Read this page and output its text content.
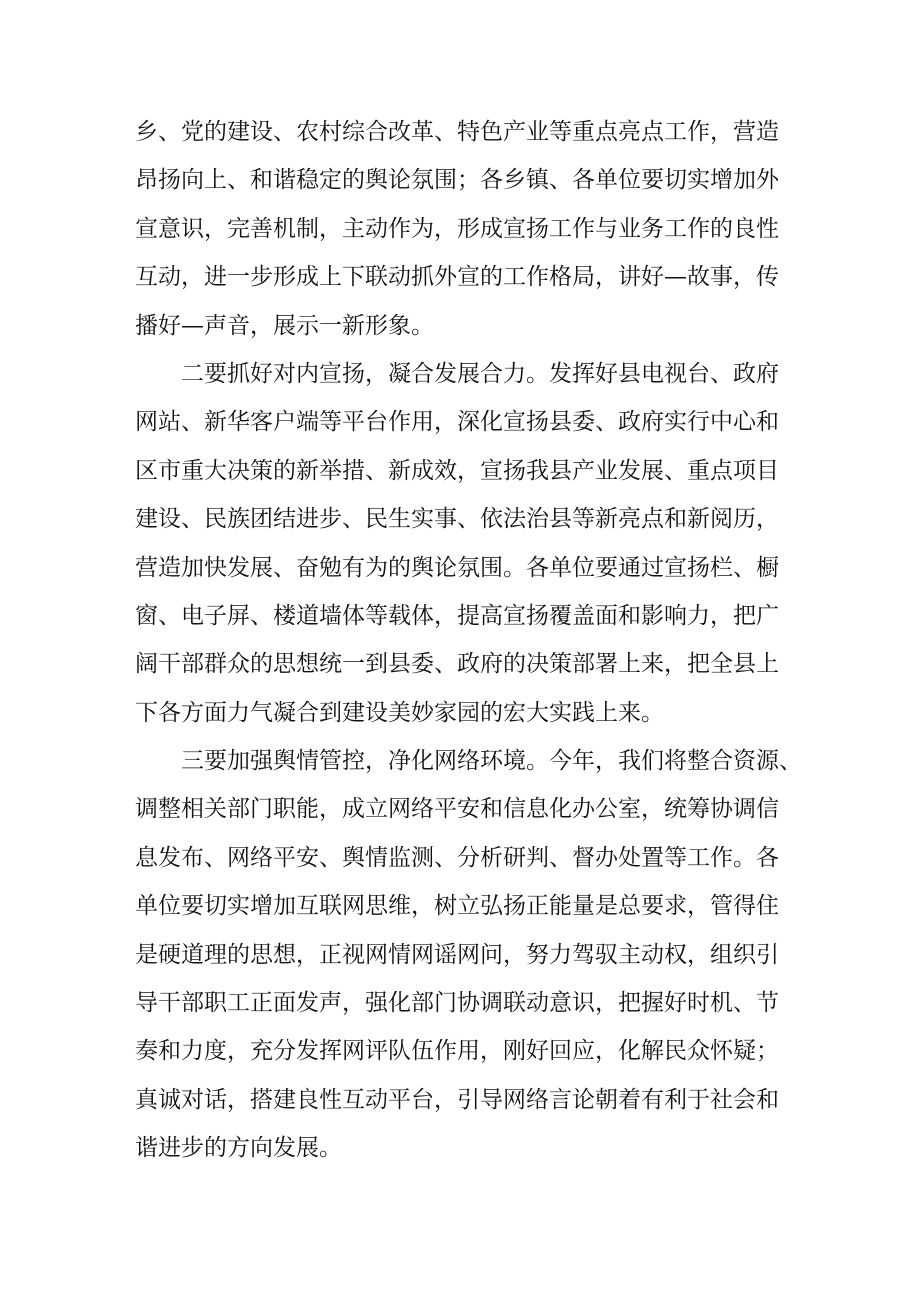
乡、党的建设、农村综合改革、特色产业等重点亮点工作，营造
昂扬向上、和谐稳定的舆论氛围；各乡镇、各单位要切实增加外
宣意识，完善机制，主动作为，形成宣扬工作与业务工作的良性
互动，进一步形成上下联动抓外宣的工作格局，讲好—故事，传
播好—声音，展示一新形象。

　　二要抓好对内宣扬，凝合发展合力。发挥好县电视台、政府
网站、新华客户端等平台作用，深化宣扬县委、政府实行中心和
区市重大决策的新举措、新成效，宣扬我县产业发展、重点项目
建设、民族团结进步、民生实事、依法治县等新亮点和新阅历，
营造加快发展、奋勉有为的舆论氛围。各单位要通过宣扬栏、橱
窗、电子屏、楼道墙体等载体，提高宣扬覆盖面和影响力，把广
阔干部群众的思想统一到县委、政府的决策部署上来，把全县上
下各方面力气凝合到建设美妙家园的宏大实践上来。

　　三要加强舆情管控，净化网络环境。今年，我们将整合资源、
调整相关部门职能，成立网络平安和信息化办公室，统筹协调信
息发布、网络平安、舆情监测、分析研判、督办处置等工作。各
单位要切实增加互联网思维，树立弘扬正能量是总要求，管得住
是硬道理的思想，正视网情网谣网问，努力驾驭主动权，组织引
导干部职工正面发声，强化部门协调联动意识，把握好时机、节
奏和力度，充分发挥网评队伍作用，刚好回应，化解民众怀疑；
真诚对话，搭建良性互动平台，引导网络言论朝着有利于社会和
谐进步的方向发展。
